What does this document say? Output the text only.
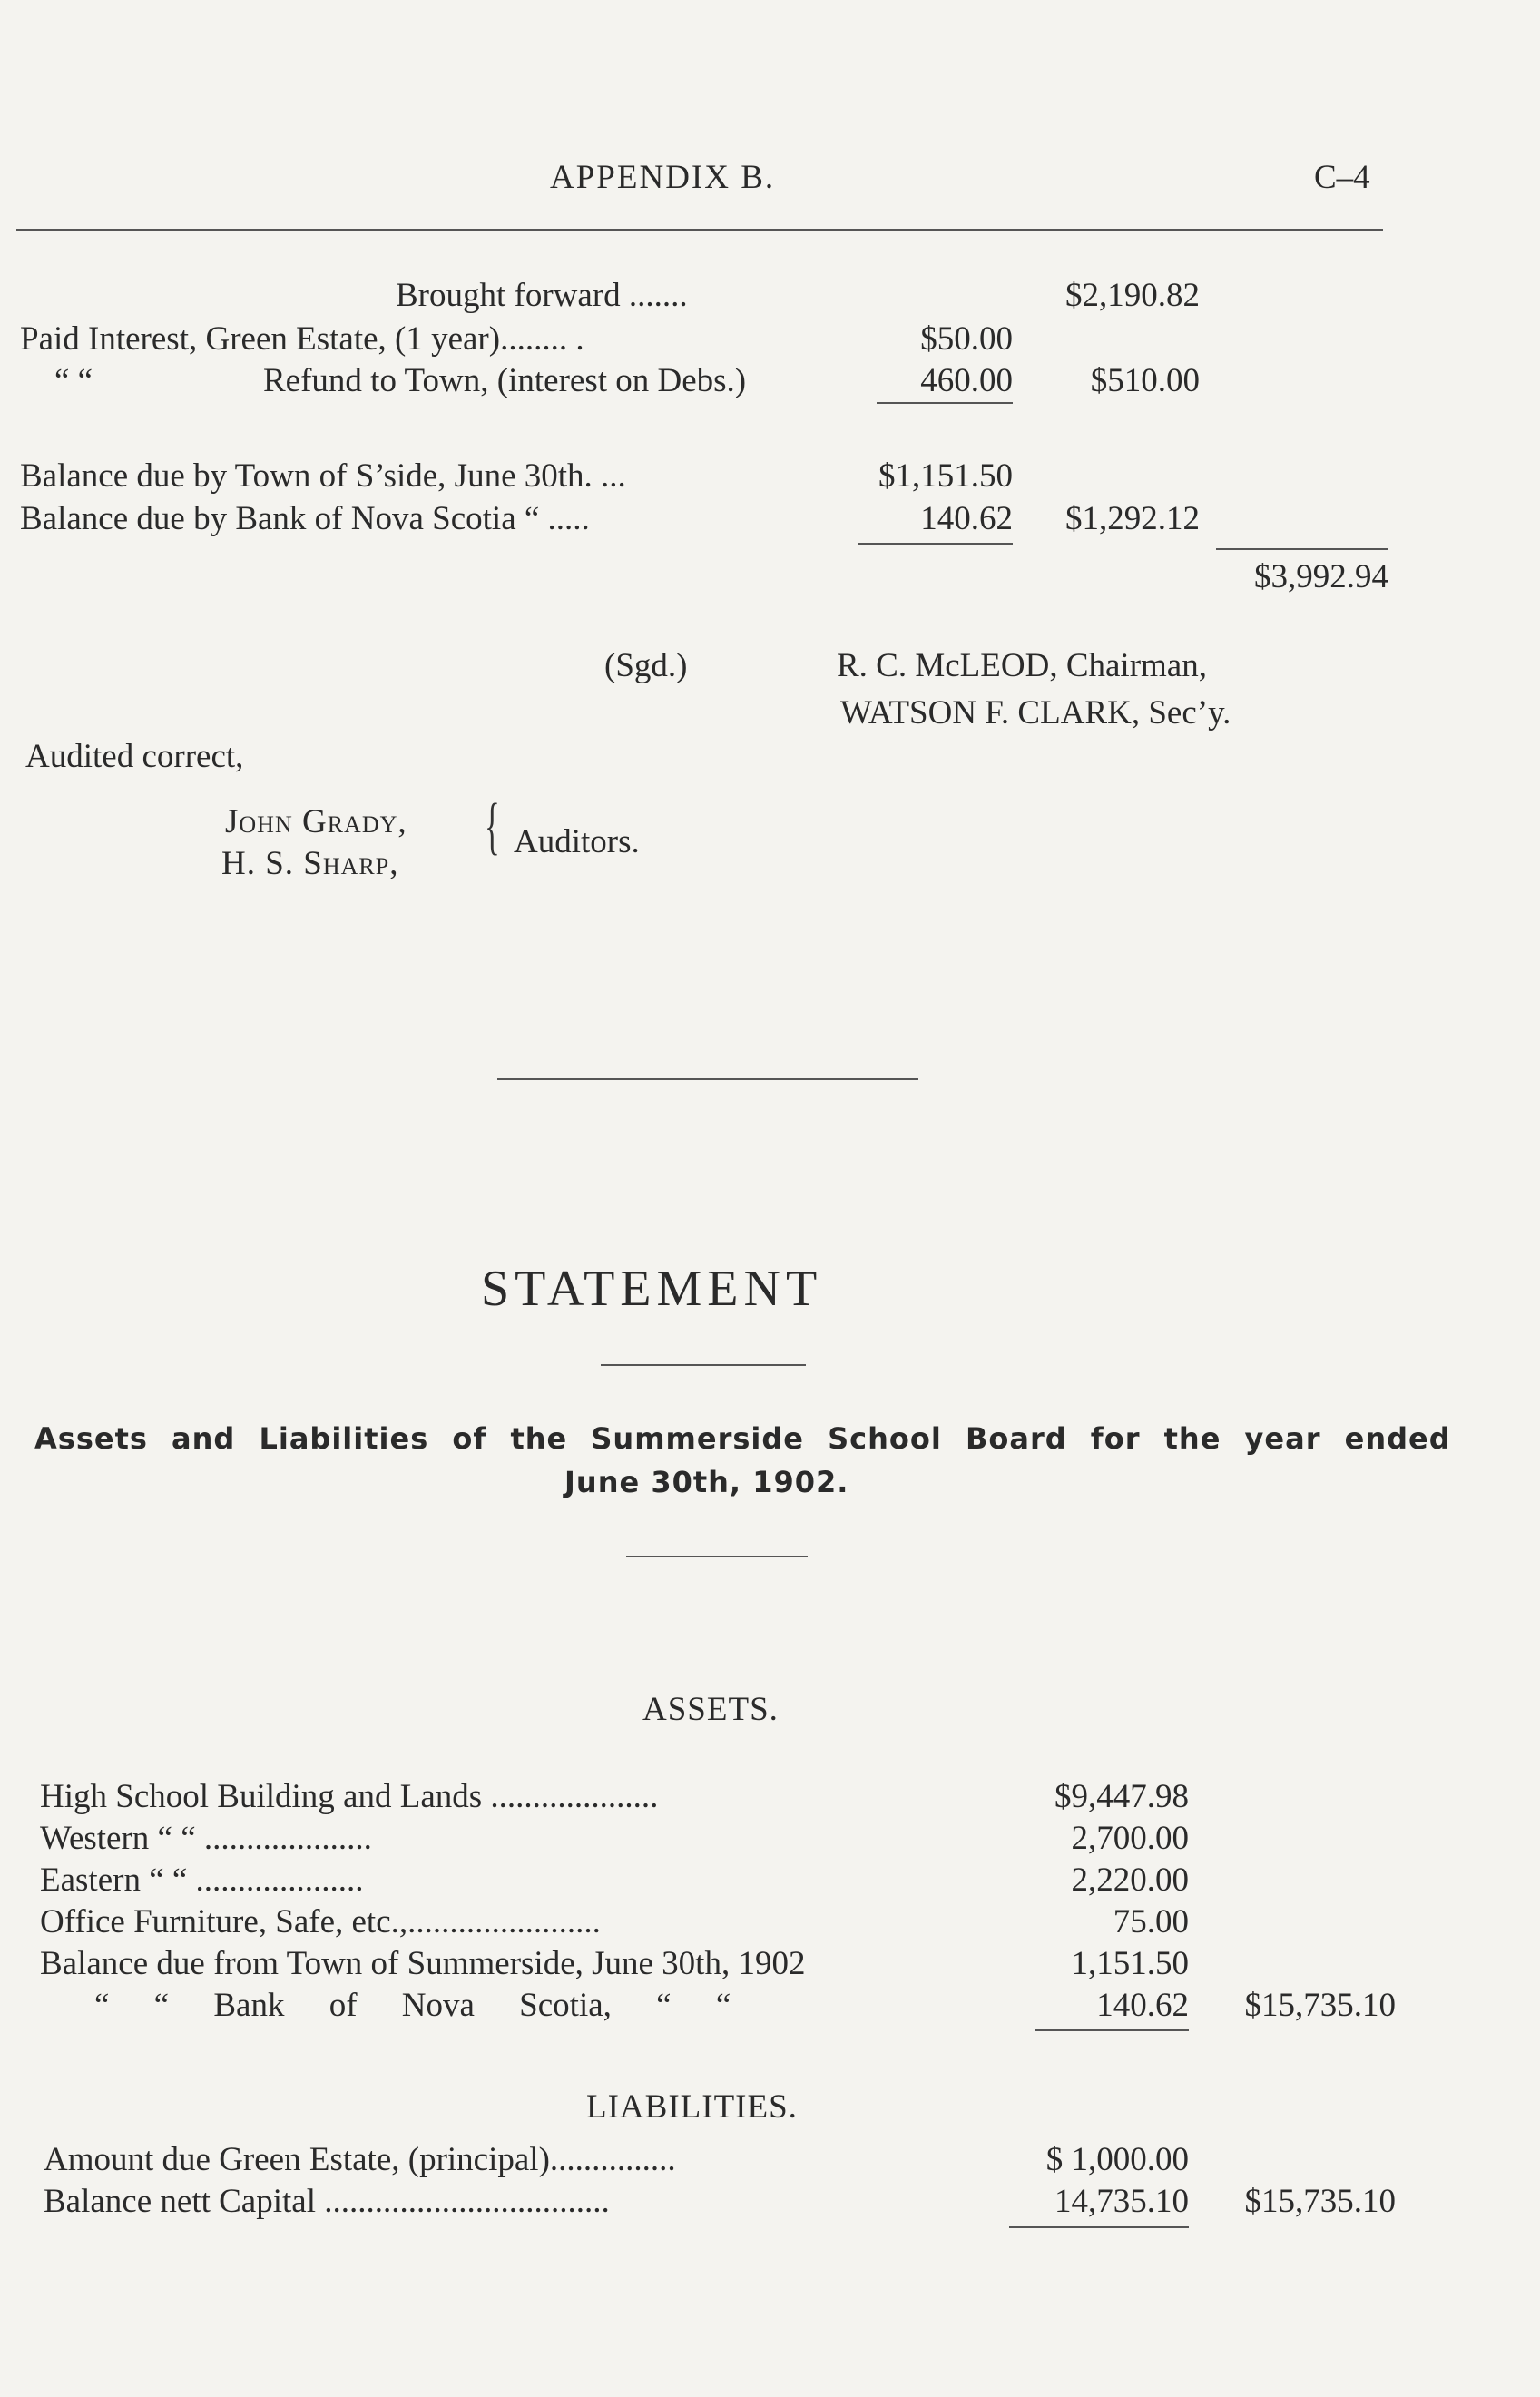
APPENDIX B.	C–4
Brought forward .......	$2,190.82
Paid Interest, Green Estate, (1 year)........ .	$50.00
“ “	Refund to Town, (interest on Debs.)	460.00	$510.00
Balance due by Town of S’side, June 30th. ...	$1,151.50
Balance due by Bank of Nova Scotia “ .....	140.62	$1,292.12
$3,992.94
(Sgd.)	R. C. McLEOD, Chairman,
WATSON F. CLARK, Sec’y.
Audited correct,
John Grady,
H. S. Sharp,
{ Auditors.
STATEMENT
Assets and Liabilities of the Summerside School Board for the year ended
June 30th, 1902.
ASSETS.
High School Building and Lands ....................	$9,447.98
Western “ “ ....................	2,700.00
Eastern “ “ ....................	2,220.00
Office Furniture, Safe, etc.,.......................	75.00
Balance due from Town of Summerside, June 30th, 1902	1,151.50
“ “ Bank of Nova Scotia, “ “	140.62	$15,735.10
LIABILITIES.
Amount due Green Estate, (principal)...............	$ 1,000.00
Balance nett Capital ..................................	14,735.10	$15,735.10
